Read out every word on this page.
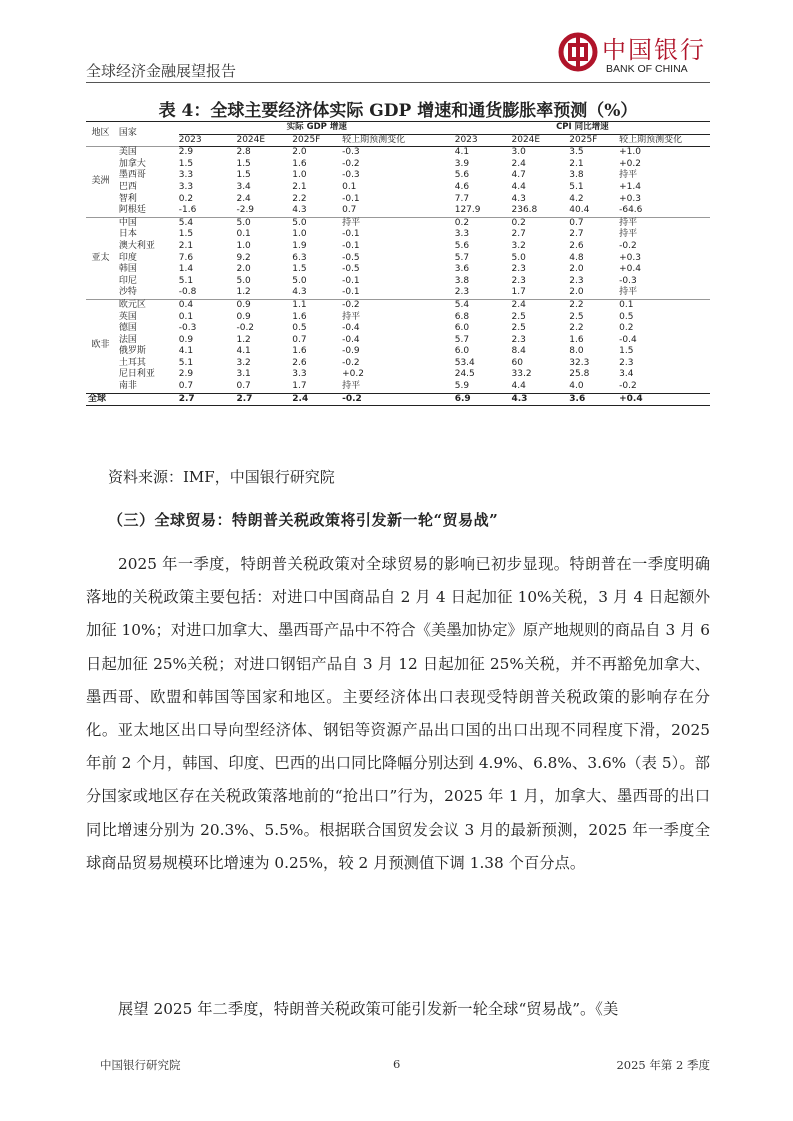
全球经济金融展望报告
中国银行
BANK OF CHINA
表 4：全球主要经济体实际 GDP 增速和通货膨胀率预测（%）
地区	国家	实际 GDP 增速				CPI 同比增速			
		2023	2024E	2025F	较上期预测变化	2023	2024E	2025F	较上期预测变化
美洲	美国	2.9	2.8	2.0	-0.3	4.1	3.0	3.5	+1.0
	加拿大	1.5	1.5	1.6	-0.2	3.9	2.4	2.1	+0.2
	墨西哥	3.3	1.5	1.0	-0.3	5.6	4.7	3.8	持平
	巴西	3.3	3.4	2.1	0.1	4.6	4.4	5.1	+1.4
	智利	0.2	2.4	2.2	-0.1	7.7	4.3	4.2	+0.3
	阿根廷	-1.6	-2.9	4.3	0.7	127.9	236.8	40.4	-64.6
亚太	中国	5.4	5.0	5.0	持平	0.2	0.2	0.7	持平
	日本	1.5	0.1	1.0	-0.1	3.3	2.7	2.7	持平
	澳大利亚	2.1	1.0	1.9	-0.1	5.6	3.2	2.6	-0.2
	印度	7.6	9.2	6.3	-0.5	5.7	5.0	4.8	+0.3
	韩国	1.4	2.0	1.5	-0.5	3.6	2.3	2.0	+0.4
	印尼	5.1	5.0	5.0	-0.1	3.8	2.3	2.3	-0.3
	沙特	-0.8	1.2	4.3	-0.1	2.3	1.7	2.0	持平
欧非	欧元区	0.4	0.9	1.1	-0.2	5.4	2.4	2.2	0.1
	英国	0.1	0.9	1.6	持平	6.8	2.5	2.5	0.5
	德国	-0.3	-0.2	0.5	-0.4	6.0	2.5	2.2	0.2
	法国	0.9	1.2	0.7	-0.4	5.7	2.3	1.6	-0.4
	俄罗斯	4.1	4.1	1.6	-0.9	6.0	8.4	8.0	1.5
	土耳其	5.1	3.2	2.6	-0.2	53.4	60	32.3	2.3
	尼日利亚	2.9	3.1	3.3	+0.2	24.5	33.2	25.8	3.4
	南非	0.7	0.7	1.7	持平	5.9	4.4	4.0	-0.2
全球		2.7	2.7	2.4	-0.2	6.9	4.3	3.6	+0.4
资料来源：IMF，中国银行研究院
（三）全球贸易：特朗普关税政策将引发新一轮“贸易战”
2025 年一季度，特朗普关税政策对全球贸易的影响已初步显现。特朗普在一季度明确落地的关税政策主要包括：对进口中国商品自 2 月 4 日起加征 10%关税，3 月 4 日起额外加征 10%；对进口加拿大、墨西哥产品中不符合《美墨加协定》原产地规则的商品自 3 月 6 日起加征 25%关税；对进口钢铝产品自 3 月 12 日起加征 25%关税，并不再豁免加拿大、墨西哥、欧盟和韩国等国家和地区。主要经济体出口表现受特朗普关税政策的影响存在分化。亚太地区出口导向型经济体、钢铝等资源产品出口国的出口出现不同程度下滑，2025 年前 2 个月，韩国、印度、巴西的出口同比降幅分别达到 4.9%、6.8%、3.6%（表 5）。部分国家或地区存在关税政策落地前的“抢出口”行为，2025 年 1 月，加拿大、墨西哥的出口同比增速分别为 20.3%、5.5%。根据联合国贸发会议 3 月的最新预测，2025 年一季度全球商品贸易规模环比增速为 0.25%，较 2 月预测值下调 1.38 个百分点。
展望 2025 年二季度，特朗普关税政策可能引发新一轮全球“贸易战”。《美
中国银行研究院	6	2025 年第 2 季度
